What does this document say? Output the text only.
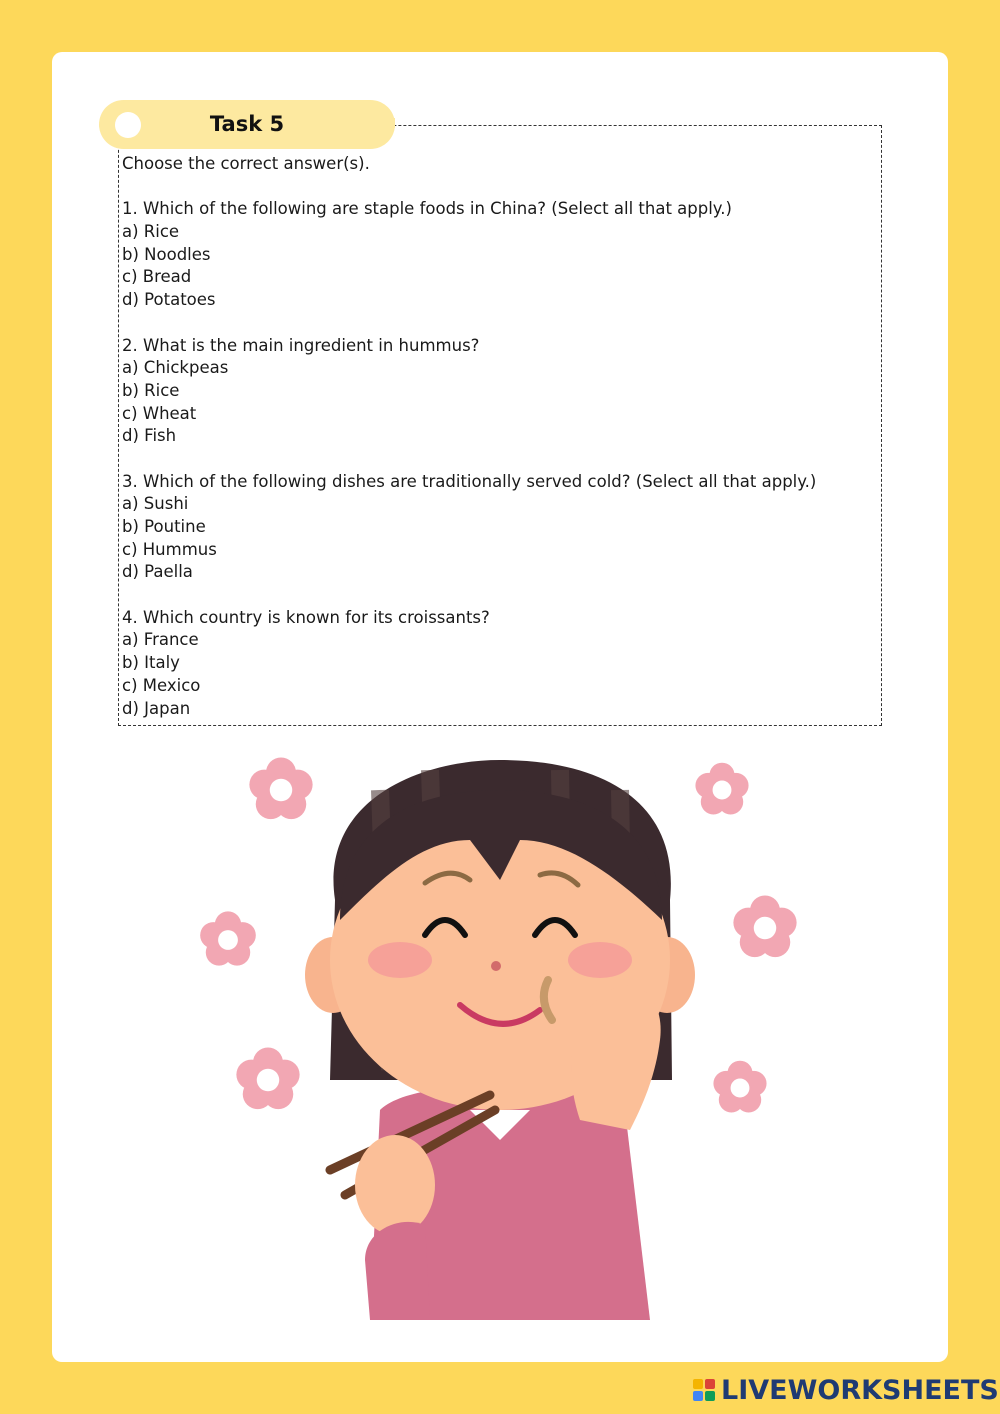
Task 5
Choose the correct answer(s).
1. Which of the following are staple foods in China? (Select all that apply.)
a) Rice
b) Noodles
c) Bread
d) Potatoes
2. What is the main ingredient in hummus?
a) Chickpeas
b) Rice
c) Wheat
d) Fish
3. Which of the following dishes are traditionally served cold? (Select all that apply.)
a) Sushi
b) Poutine
c) Hummus
d) Paella
4. Which country is known for its croissants?
a) France
b) Italy
c) Mexico
d) Japan
LIVEWORKSHEETS
